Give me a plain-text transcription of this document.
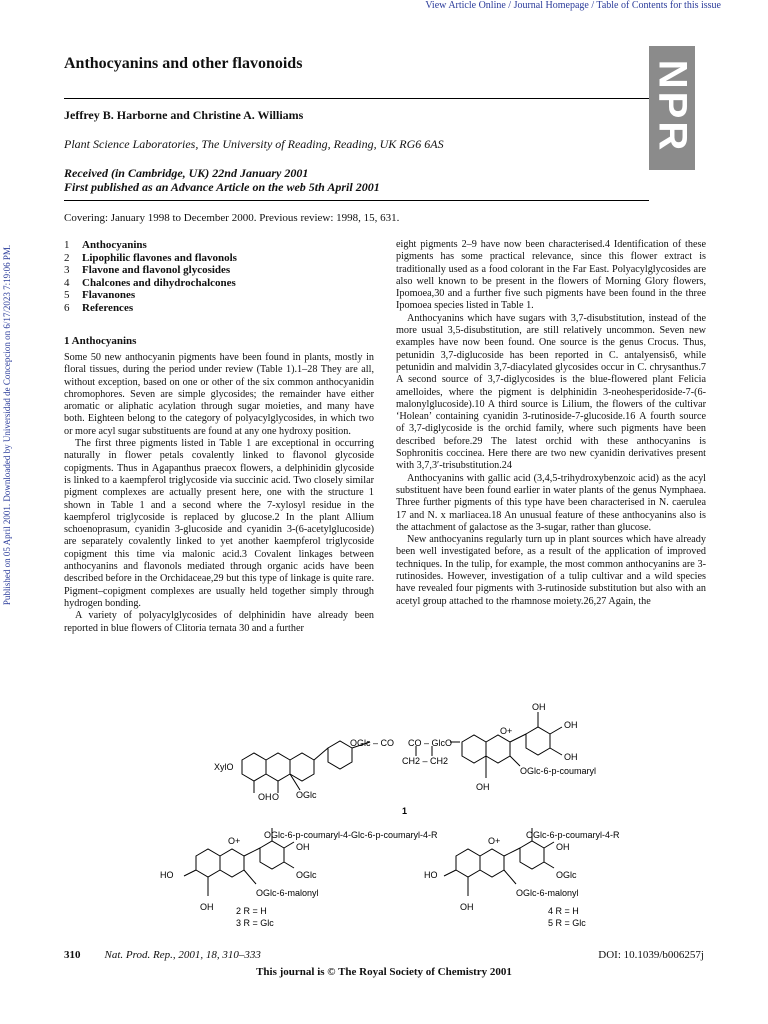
View Article Online / Journal Homepage / Table of Contents for this issue
Published on 05 April 2001. Downloaded by Universidad de Concepcion on 6/17/2023 7:19:06 PM.
Anthocyanins and other flavonoids	NPR
Jeffrey B. Harborne and Christine A. Williams
Plant Science Laboratories, The University of Reading, Reading, UK RG6 6AS
Received (in Cambridge, UK) 22nd January 2001
First published as an Advance Article on the web 5th April 2001
Covering: January 1998 to December 2000. Previous review: 1998, 15, 631.
1	Anthocyanins
2	Lipophilic flavones and flavonols
3	Flavone and flavonol glycosides
4	Chalcones and dihydrochalcones
5	Flavanones
6	References
1 Anthocyanins

Some 50 new anthocyanin pigments have been found in plants, mostly in floral tissues, during the period under review (Table 1).1–28 They are all, without exception, based on one or other of the six common anthocyanidin chromophores. Seven are simple glycosides; the remainder have either aromatic or aliphatic acylation through sugar moieties, and many have both. Eighteen belong to the category of polyacylglycosides, in which two or more acyl sugar substituents are found at any one hydroxy position.

The first three pigments listed in Table 1 are exceptional in occurring naturally in flower petals covalently linked to flavonol glycoside copigments. Thus in Agapanthus praecox flowers, a delphinidin glycoside is linked to a kaempferol triglycoside via succinic acid. Two closely similar pigment complexes are actually present here, one with the structure 1 shown in Table 1 and a second where the 7-xylosyl residue in the kaempferol triglycoside is replaced by glucose.2 In the plant Allium schoenoprasum, cyanidin 3-glucoside and cyanidin 3-(6-acetylglucoside) are separately covalently linked to yet another kaempferol triglycoside copigment this time via malonic acid.3 Covalent linkages between anthocyanins and flavonols mediated through organic acids have been described before in the Orchidaceae,29 but this type of linkage is quite rare. Pigment–copigment complexes are usually held together simply through hydrogen bonding.

A variety of polyacylglycosides of delphinidin have already been reported in blue flowers of Clitoria ternata 30 and a further

eight pigments 2–9 have now been characterised.4 Identification of these pigments has some practical relevance, since this flower extract is traditionally used as a food colorant in the Far East. Polyacylglycosides are also well known to be present in the flowers of Morning Glory flowers, Ipomoea,30 and a further five such pigments have been found in the three Ipomoea species listed in Table 1.

Anthocyanins which have sugars with 3,7-disubstitution, instead of the more usual 3,5-disubstitution, are still relatively uncommon. Seven new examples have now been found. One source is the genus Crocus. Thus, petunidin 3,7-diglucoside has been reported in C. antalyensis6, while petunidin and malvidin 3,7-diacylated glycosides occur in C. chrysanthus.7 A second source of 3,7-diglycosides is the blue-flowered plant Felicia amelloides, where the pigment is delphinidin 3-neohesperidoside-7-(6-malonylglucoside).10 A third source is Lilium, the flowers of the cultivar ‘Holean’ containing cyanidin 3-rutinoside-7-glucoside.16 A fourth source of 3,7-diglycoside is the orchid family, where such pigments have been described before.29 The latest orchid with these anthocyanins is Sophronitis coccinea. Here there are two new cyanidin derivatives present with 3,7,3′-trisubstitution.24

Anthocyanins with gallic acid (3,4,5-trihydroxybenzoic acid) as the acyl substituent have been found earlier in water plants of the genus Nymphaea. Three further pigments of this type have been characterised in N. caerulea 17 and N. x marliacea.18 An unusual feature of these anthocyanins also is the attachment of galactose as the 3-sugar, rather than glucose.

New anthocyanins regularly turn up in plant sources which have already been well investigated before, as a result of the application of improved techniques. In the tulip, for example, the most common anthocyanins are 3-rutinosides. However, investigation of a tulip cultivar and a wild species have revealed four pigments with 3-rutinoside substitution but also with an acetyl group attached to the rhamnose moiety.26,27 Again, the

XylO
OH O OGlc
OGlc – CO CO – GlcO
CH2 – CH2
O+
OH
OH
OH
OGlc-6-p-coumaryl
OH
1
OGlc-6-p-coumaryl-4-Glc-6-p-coumaryl-4-R
OH
OGlc
O+
HO
OGlc-6-malonyl
OH	2 R = H
3 R = Glc
OGlc-6-p-coumaryl-4-R
OH
OGlc
O+
HO
OGlc-6-malonyl
OH	4 R = H
5 R = Glc
310 Nat. Prod. Rep., 2001, 18, 310–333	DOI: 10.1039/b006257j
This journal is © The Royal Society of Chemistry 2001
